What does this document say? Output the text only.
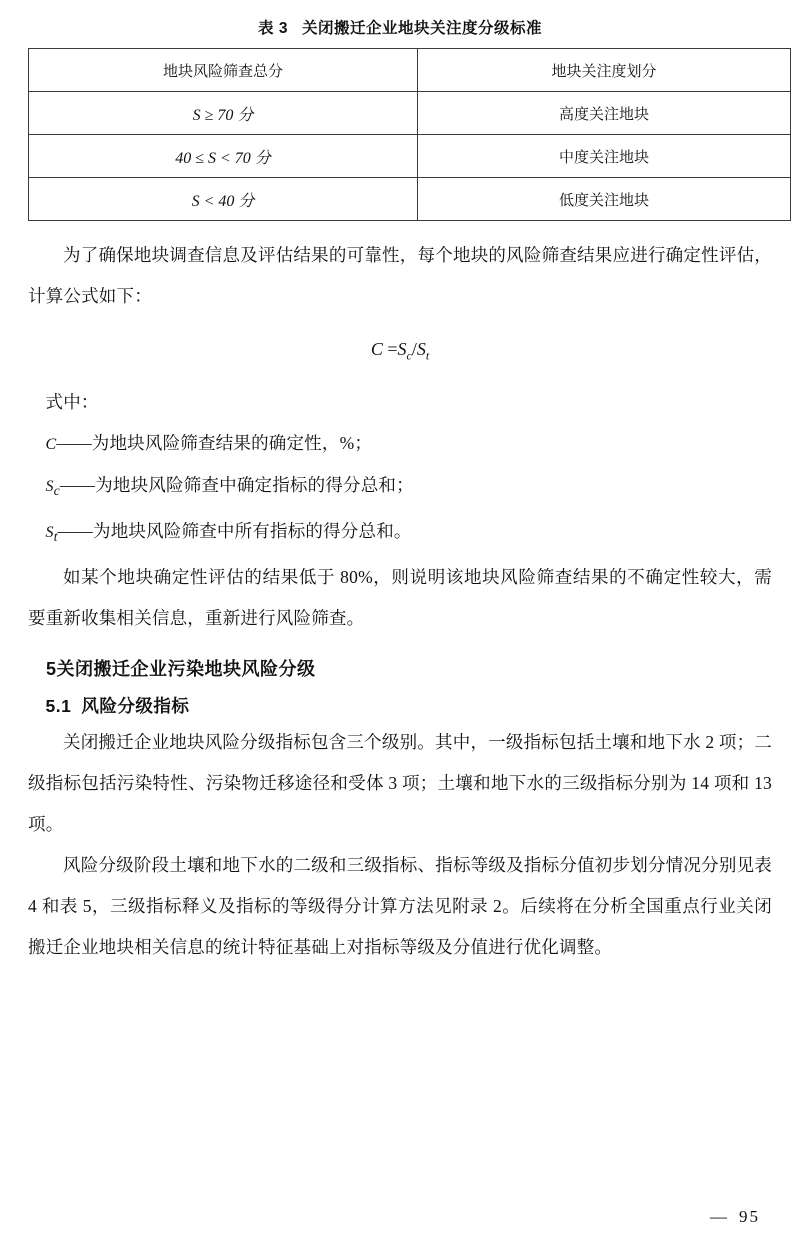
表 3 关闭搬迁企业地块关注度分级标准
地块风险筛查总分	地块关注度划分
S ≥ 70 分	高度关注地块
40 ≤ S < 70 分	中度关注地块
S < 40 分	低度关注地块

为了确保地块调查信息及评估结果的可靠性，每个地块的风险筛查结果应进行确定性评估，计算公式如下：

$C =S_c/S_t$

式中：

C——为地块风险筛查结果的确定性，%；

$S_c——$为地块风险筛查中确定指标的得分总和；

$S_t——$为地块风险筛查中所有指标的得分总和。

如某个地块确定性评估的结果低于 80%，则说明该地块风险筛查结果的不确定性较大，需要重新收集相关信息，重新进行风险筛查。

5关闭搬迁企业污染地块风险分级
5.1 风险分级指标

关闭搬迁企业地块风险分级指标包含三个级别。其中，一级指标包括土壤和地下水 2 项；二级指标包括污染特性、污染物迁移途径和受体 3 项；土壤和地下水的三级指标分别为 14 项和 13 项。

风险分级阶段土壤和地下水的二级和三级指标、指标等级及指标分值初步划分情况分别见表 4 和表 5，三级指标释义及指标的等级得分计算方法见附录 2。后续将在分析全国重点行业关闭搬迁企业地块相关信息的统计特征基础上对指标等级及分值进行优化调整。

— 95
